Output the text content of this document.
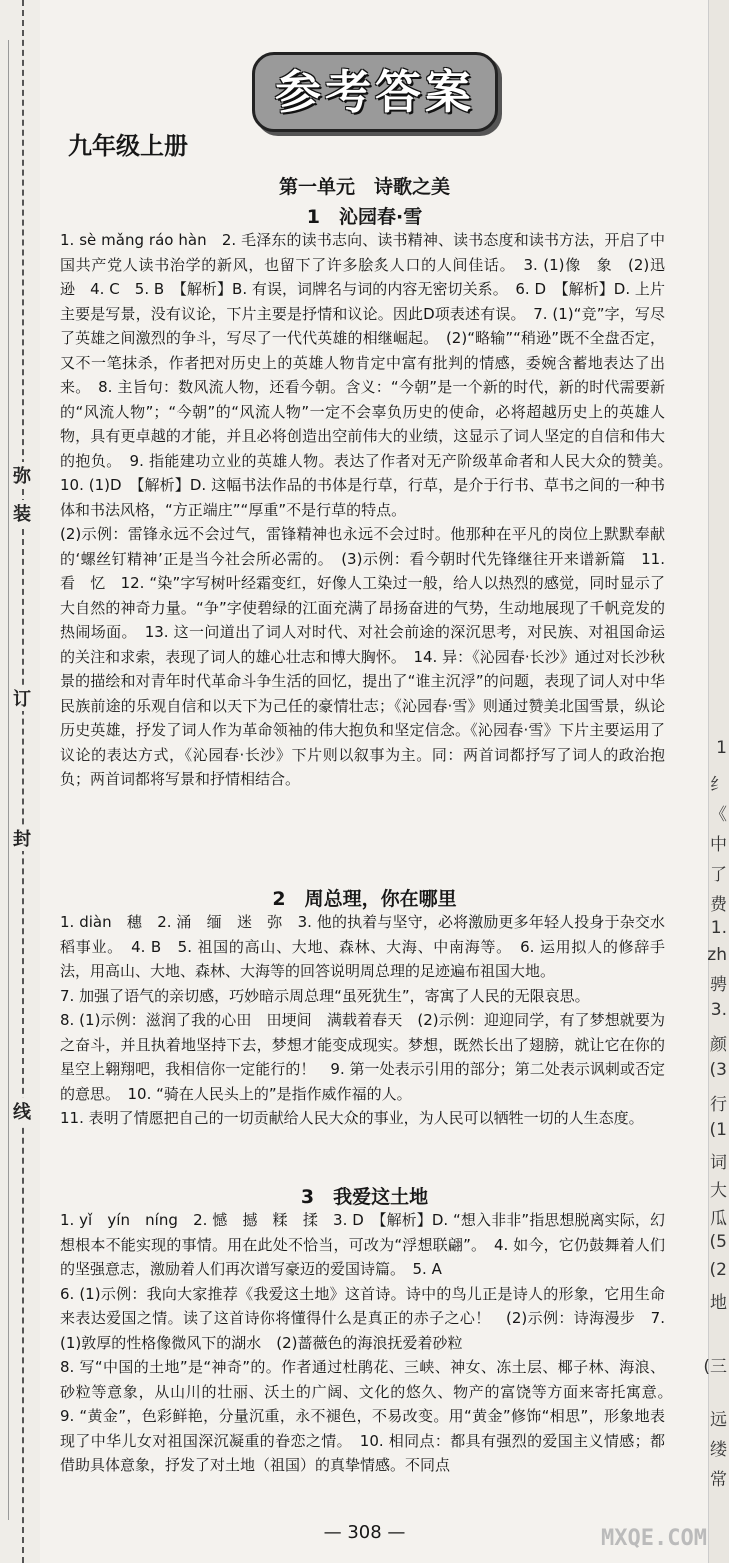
弥
装
订
封
线
1
纟
《
中
了
费
1.
zh
骋
3.
颜
(3
行
(1
词
大
瓜
(5
(2
地
(三
远
缕
常
参考答案
九年级上册
第一单元　诗歌之美
1　沁园春·雪

1. sè mǎng ráo hàn　2. 毛泽东的读书志向、读书精神、读书态度和读书方法，开启了中国共产党人读书治学的新风，也留下了许多脍炙人口的人间佳话。　3. (1)像　象　(2)迅　逊　4. C　5. B　【解析】B. 有误，词牌名与词的内容无密切关系。　6. D　【解析】D. 上片主要是写景，没有议论，下片主要是抒情和议论。因此D项表述有误。　7. (1)“竞”字，写尽了英雄之间激烈的争斗，写尽了一代代英雄的相继崛起。　(2)“略输”“稍逊”既不全盘否定，又不一笔抹杀，作者把对历史上的英雄人物肯定中富有批判的情感，委婉含蓄地表达了出来。　8. 主旨句：数风流人物，还看今朝。含义：“今朝”是一个新的时代，新的时代需要新的“风流人物”；“今朝”的“风流人物”一定不会辜负历史的使命，必将超越历史上的英雄人物，具有更卓越的才能，并且必将创造出空前伟大的业绩，这显示了词人坚定的自信和伟大的抱负。　9. 指能建功立业的英雄人物。表达了作者对无产阶级革命者和人民大众的赞美。　10. (1)D　【解析】D. 这幅书法作品的书体是行草，行草，是介于行书、草书之间的一种书体和书法风格，“方正端庄”“厚重”不是行草的特点。

(2)示例：雷锋永远不会过气，雷锋精神也永远不会过时。他那种在平凡的岗位上默默奉献的‘螺丝钉精神’正是当今社会所必需的。　(3)示例：看今朝时代先锋继往开来谱新篇　11. 看　忆　12. “染”字写树叶经霜变红，好像人工染过一般，给人以热烈的感觉，同时显示了大自然的神奇力量。“争”字使碧绿的江面充满了昂扬奋进的气势，生动地展现了千帆竞发的热闹场面。　13. 这一问道出了词人对时代、对社会前途的深沉思考，对民族、对祖国命运的关注和求索，表现了词人的雄心壮志和博大胸怀。　14. 异：《沁园春·长沙》通过对长沙秋景的描绘和对青年时代革命斗争生活的回忆，提出了“谁主沉浮”的问题，表现了词人对中华民族前途的乐观自信和以天下为己任的豪情壮志；《沁园春·雪》则通过赞美北国雪景，纵论历史英雄，抒发了词人作为革命领袖的伟大抱负和坚定信念。《沁园春·雪》下片主要运用了议论的表达方式，《沁园春·长沙》下片则以叙事为主。同：两首词都抒写了词人的政治抱负；两首词都将写景和抒情相结合。

2　周总理，你在哪里

1. diàn　穗　2. 涌　缅　迷　弥　3. 他的执着与坚守，必将激励更多年轻人投身于杂交水稻事业。　4. B　5. 祖国的高山、大地、森林、大海、中南海等。　6. 运用拟人的修辞手法，用高山、大地、森林、大海等的回答说明周总理的足迹遍布祖国大地。

7. 加强了语气的亲切感，巧妙暗示周总理“虽死犹生”，寄寓了人民的无限哀思。

8. (1)示例：滋润了我的心田　田埂间　满载着春天　(2)示例：迎迎同学，有了梦想就要为之奋斗，并且执着地坚持下去，梦想才能变成现实。梦想，既然长出了翅膀，就让它在你的星空上翱翔吧，我相信你一定能行的！　9. 第一处表示引用的部分；第二处表示讽刺或否定的意思。　10. “骑在人民头上的”是指作威作福的人。

11. 表明了情愿把自己的一切贡献给人民大众的事业，为人民可以牺牲一切的人生态度。

3　我爱这土地

1. yǐ　yín　níng　2. 憾　撼　糅　揉　3. D　【解析】D. “想入非非”指思想脱离实际，幻想根本不能实现的事情。用在此处不恰当，可改为“浮想联翩”。　4. 如今，它仍鼓舞着人们的坚强意志，激励着人们再次谱写豪迈的爱国诗篇。　5. A

6. (1)示例：我向大家推荐《我爱这土地》这首诗。诗中的鸟儿正是诗人的形象，它用生命来表达爱国之情。读了这首诗你将懂得什么是真正的赤子之心！　(2)示例：诗海漫步　7. (1)敦厚的性格像微风下的湖水　(2)蔷薇色的海浪抚爱着砂粒

8. 写“中国的土地”是“神奇”的。作者通过杜鹃花、三峡、神女、冻土层、椰子林、海浪、砂粒等意象，从山川的壮丽、沃土的广阔、文化的悠久、物产的富饶等方面来寄托寓意。　9. “黄金”，色彩鲜艳，分量沉重，永不褪色，不易改变。用“黄金”修饰“相思”，形象地表现了中华儿女对祖国深沉凝重的眷恋之情。　10. 相同点：都具有强烈的爱国主义情感；都借助具体意象，抒发了对土地（祖国）的真挚情感。不同点

— 308 —	MXQE.COM
